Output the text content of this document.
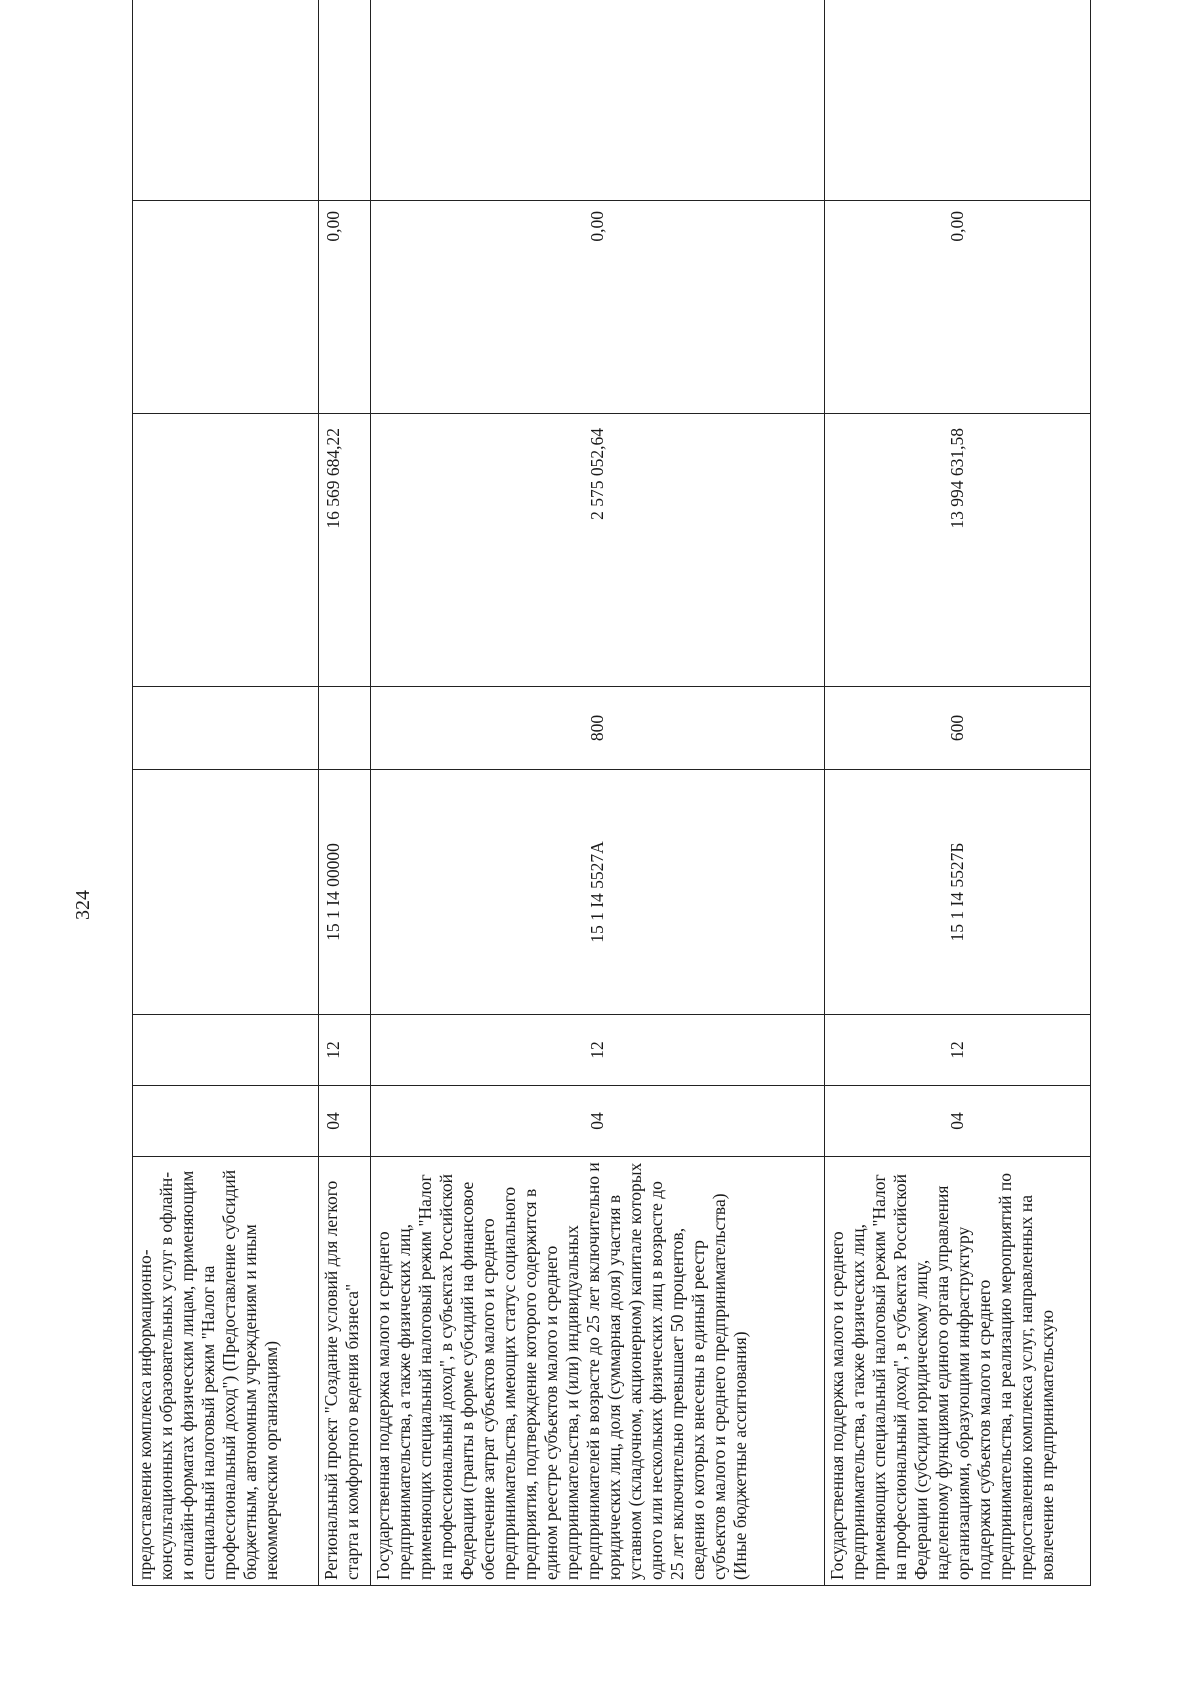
324
предоставление комплекса информационно-консультационных и образовательных услуг в офлайн- и онлайн-форматах физическим лицам, применяющим специальный налоговый режим "Налог на профессиональный доход") (Предоставление субсидий бюджетным, автономным учреждениям и иным некоммерческим организациям)							
Региональный проект "Создание условий для легкого старта и комфортного ведения бизнеса"	04	12	15 1 I4 00000		16 569 684,22	0,00	
Государственная поддержка малого и среднего предпринимательства, а также физических лиц, применяющих специальный налоговый режим "Налог на профессиональный доход", в субъектах Российской Федерации (гранты в форме субсидий на финансовое обеспечение затрат субъектов малого и среднего предпринимательства, имеющих статус социального предприятия, подтверждение которого содержится в едином реестре субъектов малого и среднего предпринимательства, и (или) индивидуальных предпринимателей в возрасте до 25 лет включительно и юридических лиц, доля (суммарная доля) участия в уставном (складочном, акционерном) капитале которых одного или нескольких физических лиц в возрасте до 25 лет включительно превышает 50 процентов, сведения о которых внесены в единый реестр субъектов малого и среднего предпринимательства) (Иные бюджетные ассигнования)	04	12	15 1 I4 5527А	800	2 575 052,64	0,00	
Государственная поддержка малого и среднего предпринимательства, а также физических лиц, применяющих специальный налоговый режим "Налог на профессиональный доход", в субъектах Российской Федерации (субсидии юридическому лицу, наделенному функциями единого органа управления организациями, образующими инфраструктуру поддержки субъектов малого и среднего предпринимательства, на реализацию мероприятий по предоставлению комплекса услуг, направленных на вовлечение в предпринимательскую	04	12	15 1 I4 5527Б	600	13 994 631,58	0,00	
